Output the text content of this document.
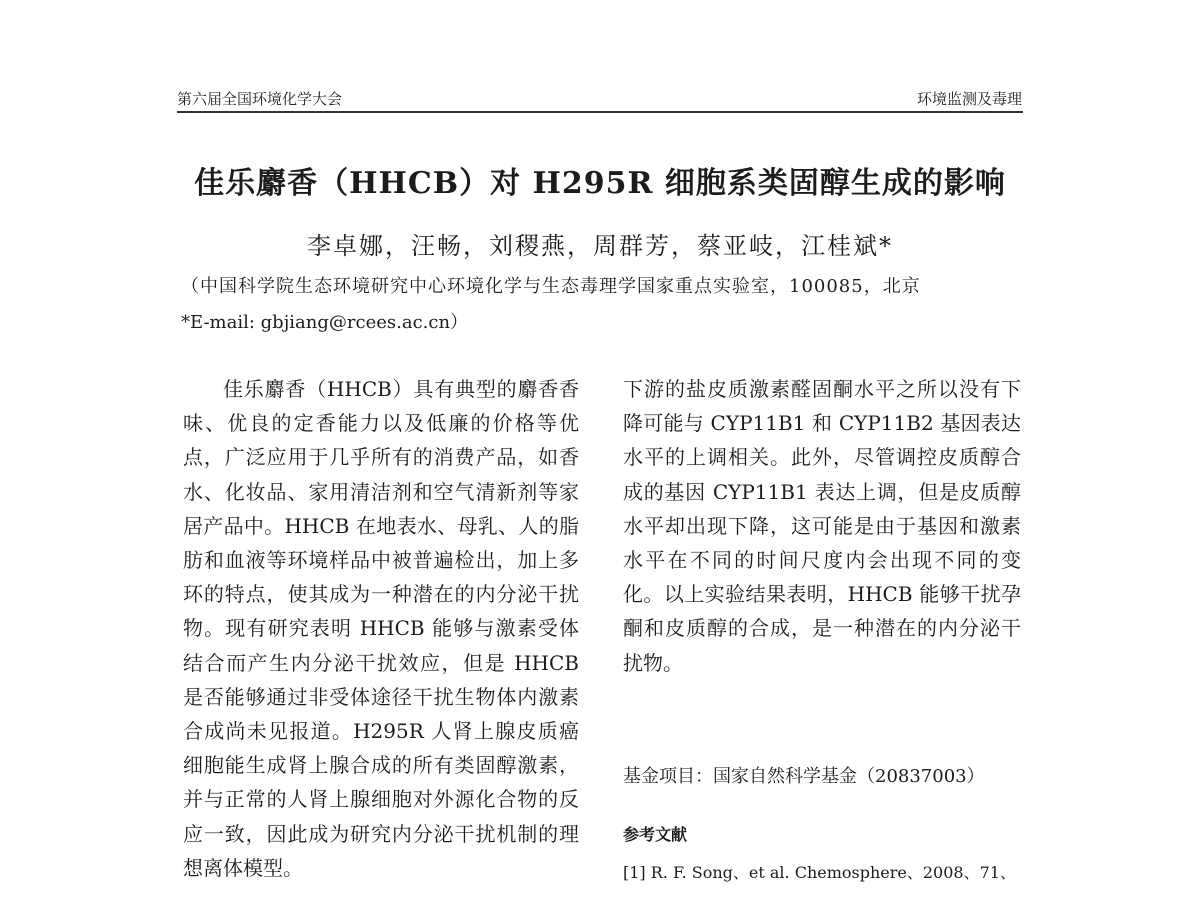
第六届全国环境化学大会	环境监测及毒理
佳乐麝香（HHCB）对 H295R 细胞系类固醇生成的影响
李卓娜，汪畅，刘稷燕，周群芳，蔡亚岐，江桂斌*
（中国科学院生态环境研究中心环境化学与生态毒理学国家重点实验室，100085，北京
*E-mail: gbjiang@rcees.ac.cn）

佳乐麝香（HHCB）具有典型的麝香香味、优良的定香能力以及低廉的价格等优点，广泛应用于几乎所有的消费产品，如香水、化妆品、家用清洁剂和空气清新剂等家居产品中。HHCB 在地表水、母乳、人的脂肪和血液等环境样品中被普遍检出，加上多环的特点，使其成为一种潜在的内分泌干扰物。现有研究表明 HHCB 能够与激素受体结合而产生内分泌干扰效应，但是 HHCB 是否能够通过非受体途径干扰生物体内激素合成尚未见报道。H295R 人肾上腺皮质癌细胞能生成肾上腺合成的所有类固醇激素，并与正常的人肾上腺细胞对外源化合物的反应一致，因此成为研究内分泌干扰机制的理想离体模型。

下游的盐皮质激素醛固酮水平之所以没有下降可能与 CYP11B1 和 CYP11B2 基因表达水平的上调相关。此外，尽管调控皮质醇合成的基因 CYP11B1 表达上调，但是皮质醇水平却出现下降，这可能是由于基因和激素水平在不同的时间尺度内会出现不同的变化。以上实验结果表明，HHCB 能够干扰孕酮和皮质醇的合成，是一种潜在的内分泌干扰物。

基金项目：国家自然科学基金（20837003）
参考文献
[1] R. F. Song、et al. Chemosphere、2008、71、
